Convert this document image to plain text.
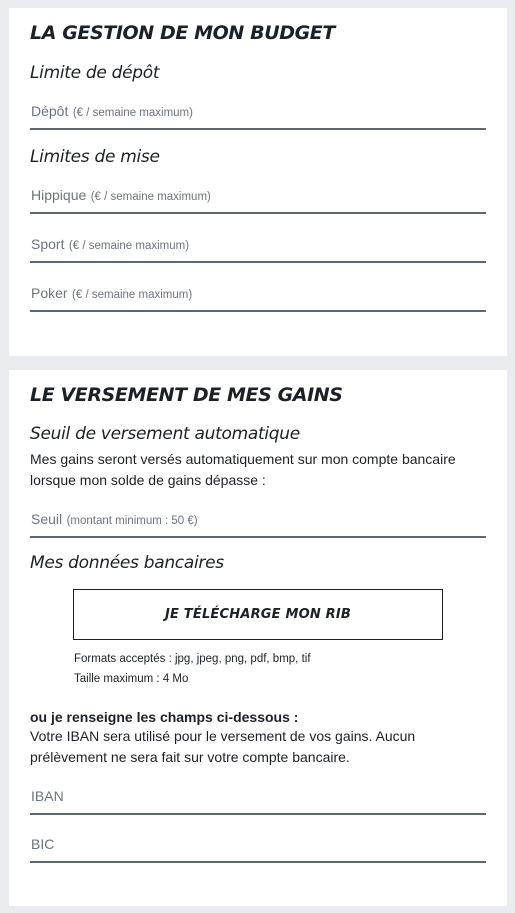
LA GESTION DE MON BUDGET
Limite de dépôt
Dépôt (€ / semaine maximum)
Limites de mise
Hippique (€ / semaine maximum)
Sport (€ / semaine maximum)
Poker (€ / semaine maximum)
LE VERSEMENT DE MES GAINS
Seuil de versement automatique
Mes gains seront versés automatiquement sur mon compte bancaire lorsque mon solde de gains dépasse :
Seuil (montant minimum : 50 €)
Mes données bancaires
JE TÉLÉCHARGE MON RIB
Formats acceptés : jpg, jpeg, png, pdf, bmp, tif
Taille maximum : 4 Mo
ou je renseigne les champs ci-dessous :
Votre IBAN sera utilisé pour le versement de vos gains. Aucun prélèvement ne sera fait sur votre compte bancaire.
IBAN
BIC
